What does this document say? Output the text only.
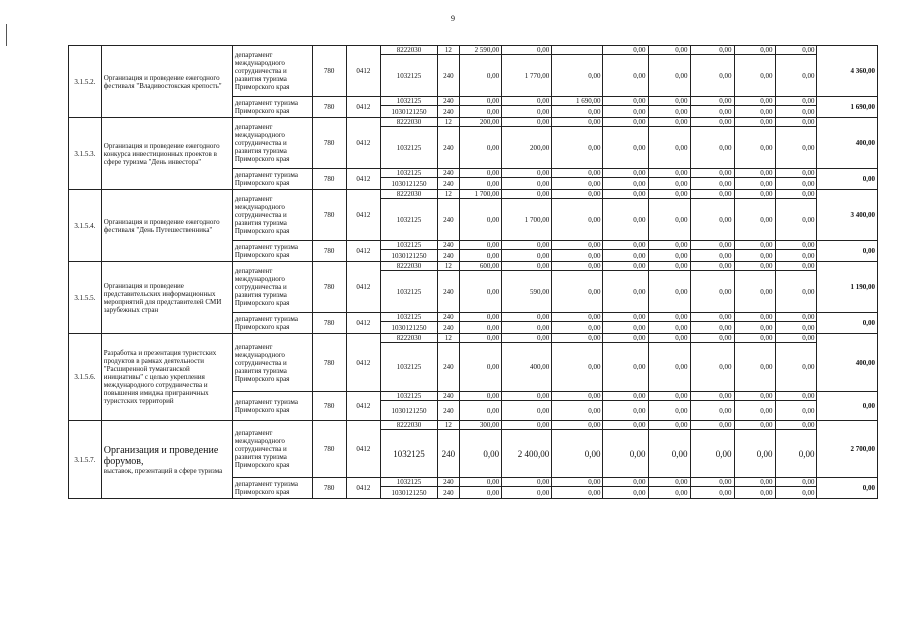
9
3.1.5.2.	Организация и проведение ежегодного фестиваля "Владивостокская крепость"	департамент международного сотрудничества и развития туризма Приморского края	780	0412	8222030	12	2 590,00	0,00		0,00	0,00	0,00	0,00	0,00	4 360,00
					1032125	240	0,00	1 770,00	0,00	0,00	0,00	0,00	0,00	0,00	
		департамент туризма Приморского края	780	0412	1032125	240	0,00	0,00	1 690,00	0,00	0,00	0,00	0,00	0,00	1 690,00
					1030121250	240	0,00	0,00	0,00	0,00	0,00	0,00	0,00	0,00	
3.1.5.3.	Организация и проведение ежегодного конкурса инвестиционных проектов в сфере туризма "День инвестора"	департамент международного сотрудничества и развития туризма Приморского края	780	0412	8222030	12	200,00	0,00	0,00	0,00	0,00	0,00	0,00	0,00	400,00
					1032125	240	0,00	200,00	0,00	0,00	0,00	0,00	0,00	0,00	
		департамент туризма Приморского края	780	0412	1032125	240	0,00	0,00	0,00	0,00	0,00	0,00	0,00	0,00	0,00
					1030121250	240	0,00	0,00	0,00	0,00	0,00	0,00	0,00	0,00	
3.1.5.4.	Организация и проведение ежегодного фестиваля "День Путешественника"	департамент международного сотрудничества и развития туризма Приморского края	780	0412	8222030	12	1 700,00	0,00	0,00	0,00	0,00	0,00	0,00	0,00	3 400,00
					1032125	240	0,00	1 700,00	0,00	0,00	0,00	0,00	0,00	0,00	
		департамент туризма Приморского края	780	0412	1032125	240	0,00	0,00	0,00	0,00	0,00	0,00	0,00	0,00	0,00
					1030121250	240	0,00	0,00	0,00	0,00	0,00	0,00	0,00	0,00	
3.1.5.5.	Организация и проведение представительских информационных мероприятий для представителей СМИ зарубежных стран	департамент международного сотрудничества и развития туризма Приморского края	780	0412	8222030	12	600,00	0,00	0,00	0,00	0,00	0,00	0,00	0,00	1 190,00
					1032125	240	0,00	590,00	0,00	0,00	0,00	0,00	0,00	0,00	
		департамент туризма Приморского края	780	0412	1032125	240	0,00	0,00	0,00	0,00	0,00	0,00	0,00	0,00	0,00
					1030121250	240	0,00	0,00	0,00	0,00	0,00	0,00	0,00	0,00	
3.1.5.6.	Разработка и презентация туристских продуктов в рамках деятельности "Расширенной туманганской инициативы" с целью укрепления международного сотрудничества и повышения имиджа приграничных туристских территорий	департамент международного сотрудничества и развития туризма Приморского края	780	0412	8222030	12	0,00	0,00	0,00	0,00	0,00	0,00	0,00	0,00	400,00
					1032125	240	0,00	400,00	0,00	0,00	0,00	0,00	0,00	0,00	
		департамент туризма Приморского края	780	0412	1032125	240	0,00	0,00	0,00	0,00	0,00	0,00	0,00	0,00	0,00
					1030121250	240	0,00	0,00	0,00	0,00	0,00	0,00	0,00	0,00	
3.1.5.7.	Организация и проведение форумов,
выставок, презентаций в сфере туризма	департамент международного сотрудничества и развития туризма Приморского края	780	0412	8222030	12	300,00	0,00	0,00	0,00	0,00	0,00	0,00	0,00	2 700,00
					1032125	240	0,00	2 400,00	0,00	0,00	0,00	0,00	0,00	0,00	
		департамент туризма Приморского края	780	0412	1032125	240	0,00	0,00	0,00	0,00	0,00	0,00	0,00	0,00	0,00
					1030121250	240	0,00	0,00	0,00	0,00	0,00	0,00	0,00	0,00	
